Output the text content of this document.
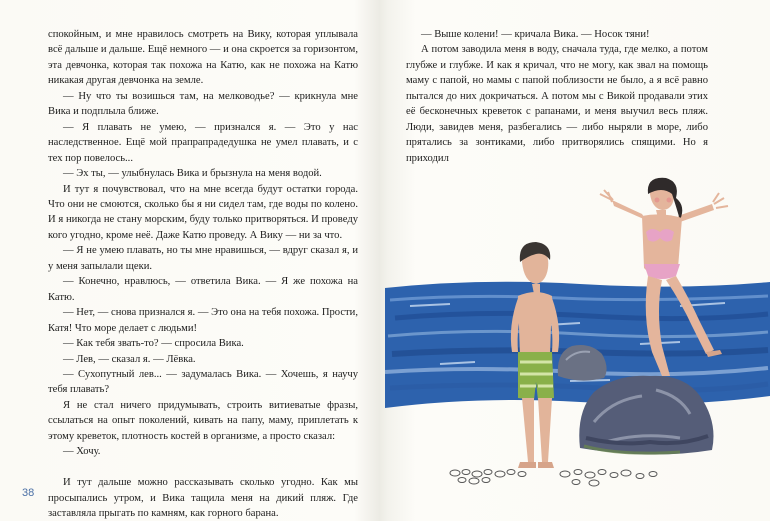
спокойным, и мне нравилось смотреть на Вику, которая уплывала всё дальше и дальше. Ещё немного — и она скроется за горизонтом, эта девчонка, которая так похожа на Катю, как не похожа на Катю никакая другая девчонка на земле.

— Ну что ты возишься там, на мелководье? — крикнула мне Вика и подплыла ближе.

— Я плавать не умею, — признался я. — Это у нас наследственное. Ещё мой прапрапрадедушка не умел плавать, и с тех пор повелось...

— Эх ты, — улыбнулась Вика и брызнула на меня водой.

И тут я почувствовал, что на мне всегда будут остатки города. Что они не смоются, сколько бы я ни сидел там, где воды по колено. И я никогда не стану морским, буду только притворяться. И проведу кого угодно, кроме неё. Даже Катю проведу. А Вику — ни за что.

— Я не умею плавать, но ты мне нравишься, — вдруг сказал я, и у меня запылали щеки.

— Конечно, нравлюсь, — ответила Вика. — Я же похожа на Катю.

— Нет, — снова признался я. — Это она на тебя похожа. Прости, Катя! Что море делает с людьми!

— Как тебя звать-то? — спросила Вика.

— Лев, — сказал я. — Лёвка.

— Сухопутный лев... — задумалась Вика. — Хочешь, я научу тебя плавать?

Я не стал ничего придумывать, строить витиеватые фразы, ссылаться на опыт поколений, кивать на папу, маму, приплетать к этому креветок, плотность костей в организме, а просто сказал:

— Хочу.

И тут дальше можно рассказывать сколько угодно. Как мы просыпались утром, и Вика тащила меня на дикий пляж. Где заставляла прыгать по камням, как горного барана.

— Выше колени! — кричала Вика. — Носок тяни!

А потом заводила меня в воду, сначала туда, где мелко, а потом глубже и глубже. И как я кричал, что не могу, как звал на помощь маму с папой, но мамы с папой поблизости не было, а я всё равно пытался до них докричаться. А потом мы с Викой продавали этих её бесконечных креветок с рапанами, и меня выучил весь пляж. Люди, завидев меня, разбегались — либо ныряли в море, либо прятались за зонтиками, либо притворялись спящими. Но я приходил

38
